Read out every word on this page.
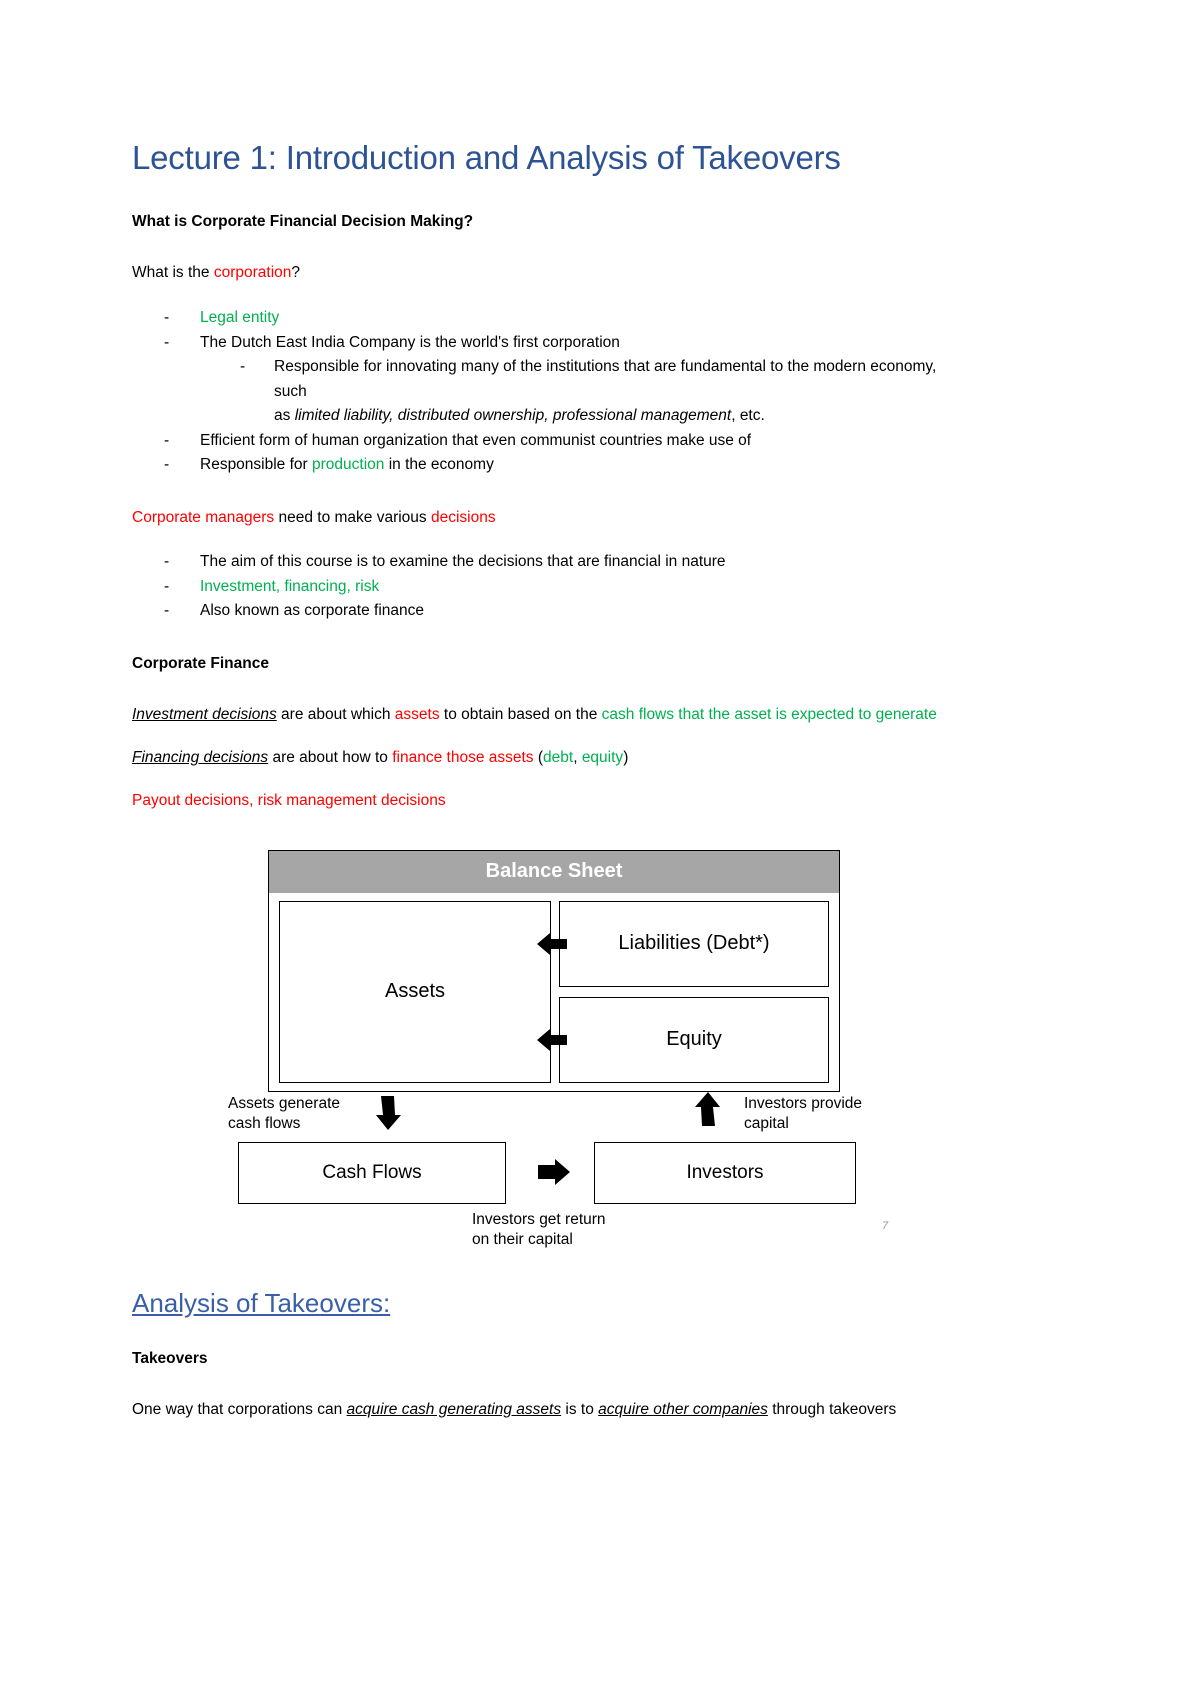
Lecture 1: Introduction and Analysis of Takeovers

What is Corporate Financial Decision Making?

What is the corporation?

- Legal entity
- The Dutch East India Company is the world's first corporation
- Responsible for innovating many of the institutions that are fundamental to the modern economy, such
as limited liability, distributed ownership, professional management, etc.
- Efficient form of human organization that even communist countries make use of
- Responsible for production in the economy

Corporate managers need to make various decisions

- The aim of this course is to examine the decisions that are financial in nature
- Investment, financing, risk
- Also known as corporate finance

Corporate Finance

Investment decisions are about which assets to obtain based on the cash flows that the asset is expected to generate

Financing decisions are about how to finance those assets (debt, equity)

Payout decisions, risk management decisions

Balance Sheet
Assets
Liabilities (Debt*)
Equity
Assets generate
cash flows
Investors provide
capital
Cash Flows	Investors
Investors get return
on their capital
7
Analysis of Takeovers:

Takeovers

One way that corporations can acquire cash generating assets is to acquire other companies through takeovers
